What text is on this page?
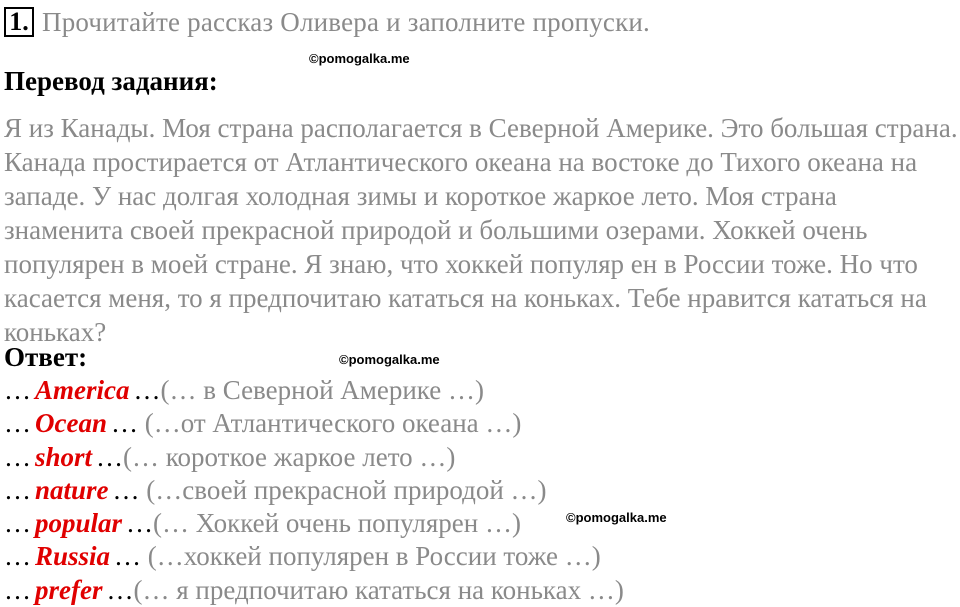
1. Прочитайте рассказ Оливера и заполните пропуски.
©pomogalka.me
Перевод задания:

Я из Канады. Моя страна располагается в Северной Америке. Это большая страна. Канада простирается от Атлантического океана на востоке до Тихого океана на западе. У нас долгая холодная зимы и короткое жаркое лето. Моя страна знаменита своей прекрасной природой и большими озерами. Хоккей очень популярен в моей стране. Я знаю, что хоккей популяр ен в России тоже. Но что касается меня, то я предпочитаю кататься на коньках. Тебе нравится кататься на коньках?

Ответ:	©pomogalka.me
©pomogalka.me
… America …(… в Северной Америке …)
… Ocean … (…от Атлантического океана …)
… short …(… короткое жаркое лето …)
… nature … (…своей прекрасной природой …)
… popular …(… Хоккей очень популярен …)
… Russia … (…хоккей популярен в России тоже …)
… prefer …(… я предпочитаю кататься на коньках …)
